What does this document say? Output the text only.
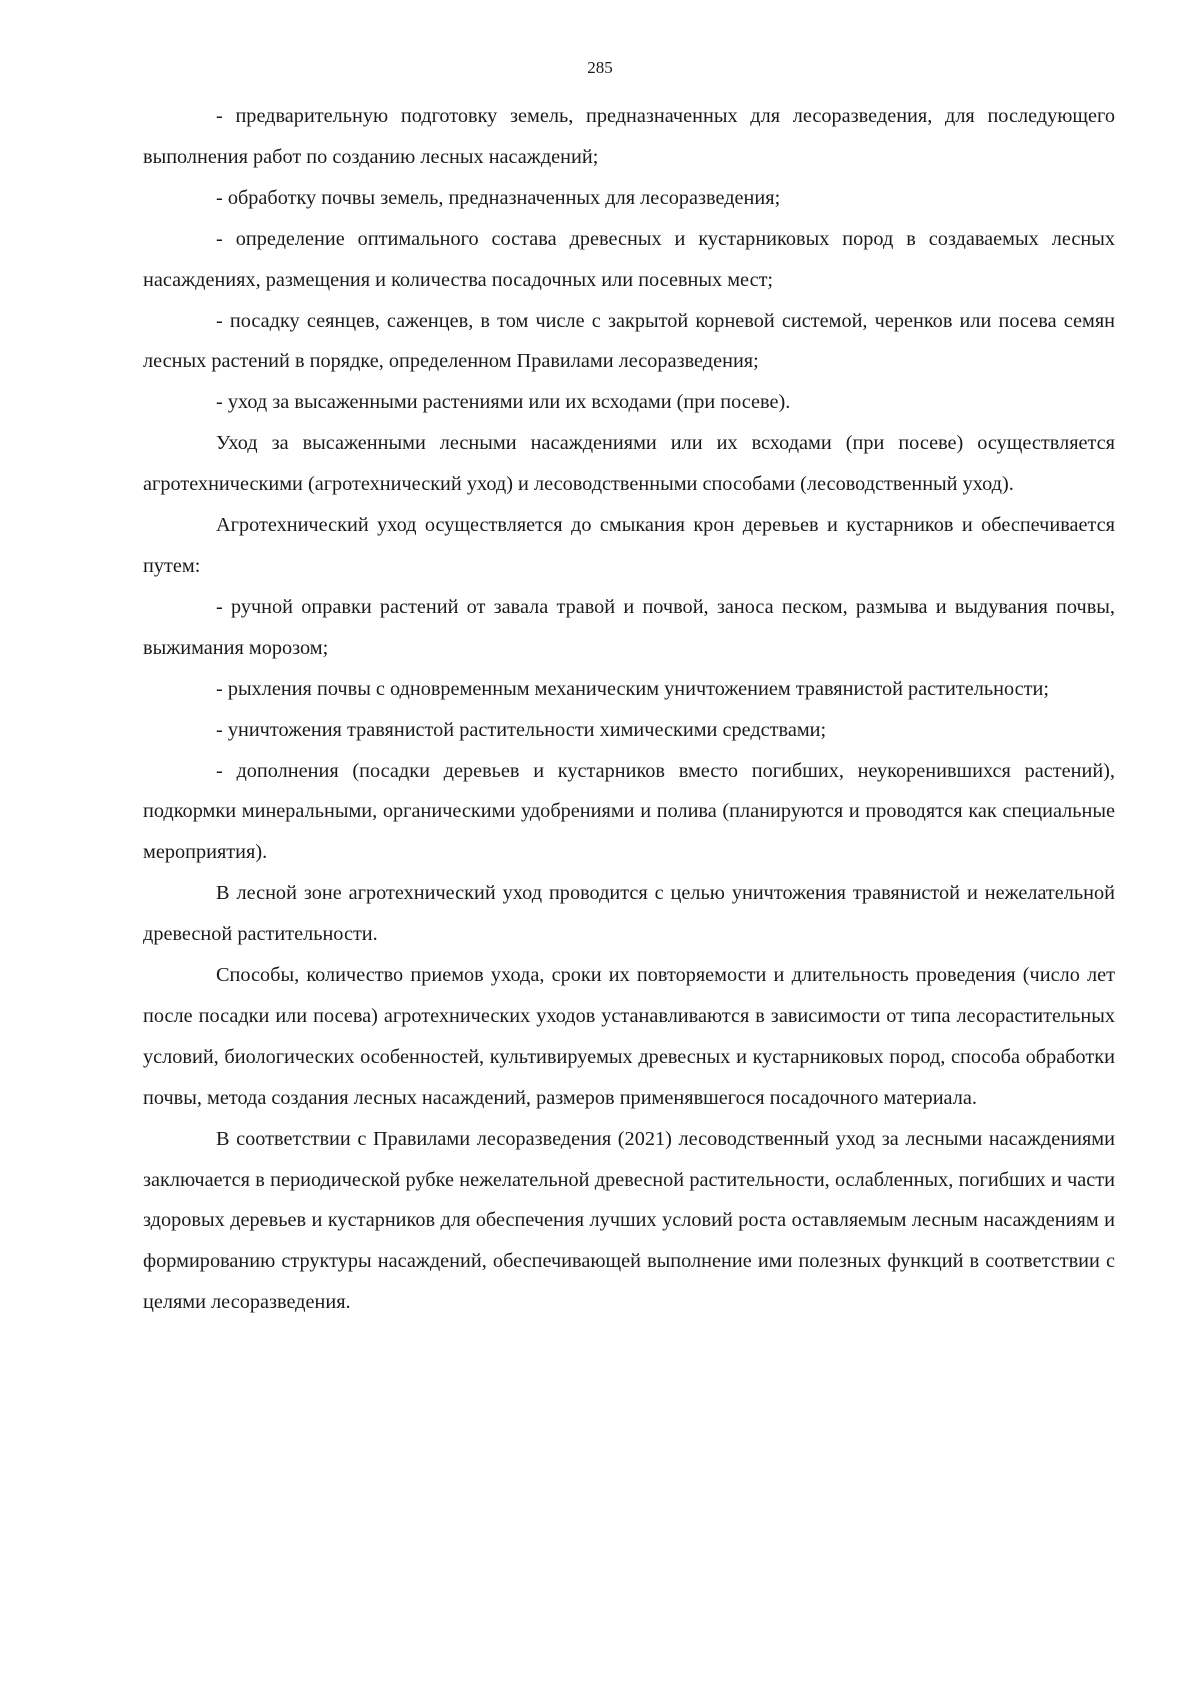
285

- предварительную подготовку земель, предназначенных для лесоразведения, для последующего выполнения работ по созданию лесных насаждений;

- обработку почвы земель, предназначенных для лесоразведения;

- определение оптимального состава древесных и кустарниковых пород в создаваемых лесных насаждениях, размещения и количества посадочных или посевных мест;

- посадку сеянцев, саженцев, в том числе с закрытой корневой системой, черенков или посева семян лесных растений в порядке, определенном Правилами лесоразведения;

- уход за высаженными растениями или их всходами (при посеве).

Уход за высаженными лесными насаждениями или их всходами (при посеве) осуществляется агротехническими (агротехнический уход) и лесоводственными способами (лесоводственный уход).

Агротехнический уход осуществляется до смыкания крон деревьев и кустарников и обеспечивается путем:

- ручной оправки растений от завала травой и почвой, заноса песком, размыва и выдувания почвы, выжимания морозом;

- рыхления почвы с одновременным механическим уничтожением травянистой растительности;

- уничтожения травянистой растительности химическими средствами;

- дополнения (посадки деревьев и кустарников вместо погибших, неукоренившихся растений), подкормки минеральными, органическими удобрениями и полива (планируются и проводятся как специальные мероприятия).

В лесной зоне агротехнический уход проводится с целью уничтожения травянистой и нежелательной древесной растительности.

Способы, количество приемов ухода, сроки их повторяемости и длительность проведения (число лет после посадки или посева) агротехнических уходов устанавливаются в зависимости от типа лесорастительных условий, биологических особенностей, культивируемых древесных и кустарниковых пород, способа обработки почвы, метода создания лесных насаждений, размеров применявшегося посадочного материала.

В соответствии с Правилами лесоразведения (2021) лесоводственный уход за лесными насаждениями заключается в периодической рубке нежелательной древесной растительности, ослабленных, погибших и части здоровых деревьев и кустарников для обеспечения лучших условий роста оставляемым лесным насаждениям и формированию структуры насаждений, обеспечивающей выполнение ими полезных функций в соответствии с целями лесоразведения.
